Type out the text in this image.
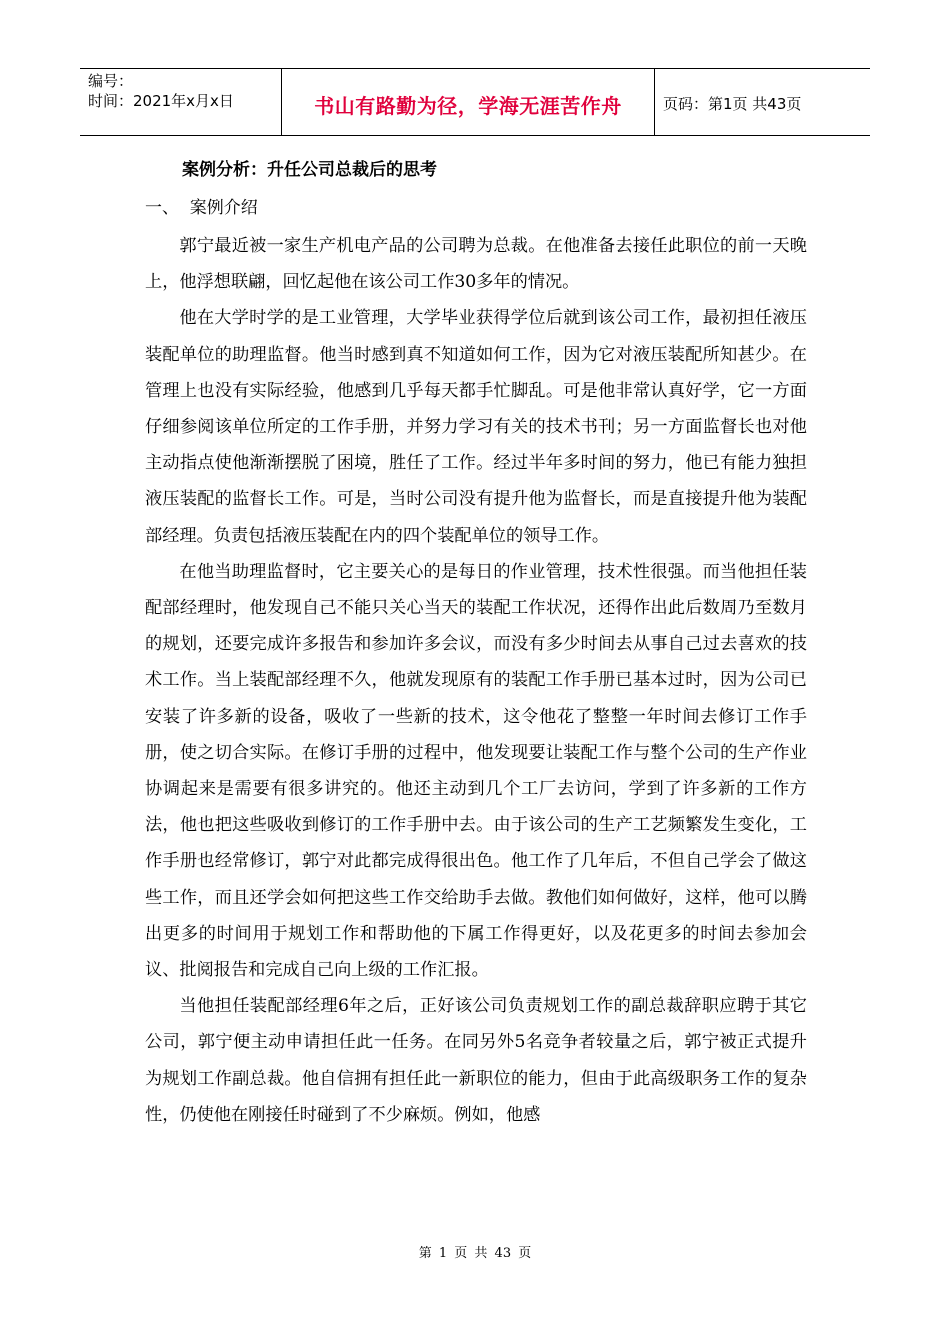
编号：
时间：2021年x月x日	书山有路勤为径，学海无涯苦作舟	页码：第1页 共43页
案例分析：升任公司总裁后的思考
一、  案例介绍

郭宁最近被一家生产机电产品的公司聘为总裁。在他准备去接任此职位的前一天晚上，他浮想联翩，回忆起他在该公司工作30多年的情况。

他在大学时学的是工业管理，大学毕业获得学位后就到该公司工作，最初担任液压装配单位的助理监督。他当时感到真不知道如何工作，因为它对液压装配所知甚少。在管理上也没有实际经验，他感到几乎每天都手忙脚乱。可是他非常认真好学，它一方面仔细参阅该单位所定的工作手册，并努力学习有关的技术书刊；另一方面监督长也对他主动指点使他渐渐摆脱了困境，胜任了工作。经过半年多时间的努力，他已有能力独担液压装配的监督长工作。可是，当时公司没有提升他为监督长，而是直接提升他为装配部经理。负责包括液压装配在内的四个装配单位的领导工作。

在他当助理监督时，它主要关心的是每日的作业管理，技术性很强。而当他担任装配部经理时，他发现自己不能只关心当天的装配工作状况，还得作出此后数周乃至数月的规划，还要完成许多报告和参加许多会议，而没有多少时间去从事自己过去喜欢的技术工作。当上装配部经理不久，他就发现原有的装配工作手册已基本过时，因为公司已安装了许多新的设备，吸收了一些新的技术，这令他花了整整一年时间去修订工作手册，使之切合实际。在修订手册的过程中，他发现要让装配工作与整个公司的生产作业协调起来是需要有很多讲究的。他还主动到几个工厂去访问，学到了许多新的工作方法，他也把这些吸收到修订的工作手册中去。由于该公司的生产工艺频繁发生变化，工作手册也经常修订，郭宁对此都完成得很出色。他工作了几年后，不但自己学会了做这些工作，而且还学会如何把这些工作交给助手去做。教他们如何做好，这样，他可以腾出更多的时间用于规划工作和帮助他的下属工作得更好，以及花更多的时间去参加会议、批阅报告和完成自己向上级的工作汇报。

当他担任装配部经理6年之后，正好该公司负责规划工作的副总裁辞职应聘于其它公司，郭宁便主动申请担任此一任务。在同另外5名竞争者较量之后，郭宁被正式提升为规划工作副总裁。他自信拥有担任此一新职位的能力，但由于此高级职务工作的复杂性，仍使他在刚接任时碰到了不少麻烦。例如，他感

第 1 页 共 43 页
